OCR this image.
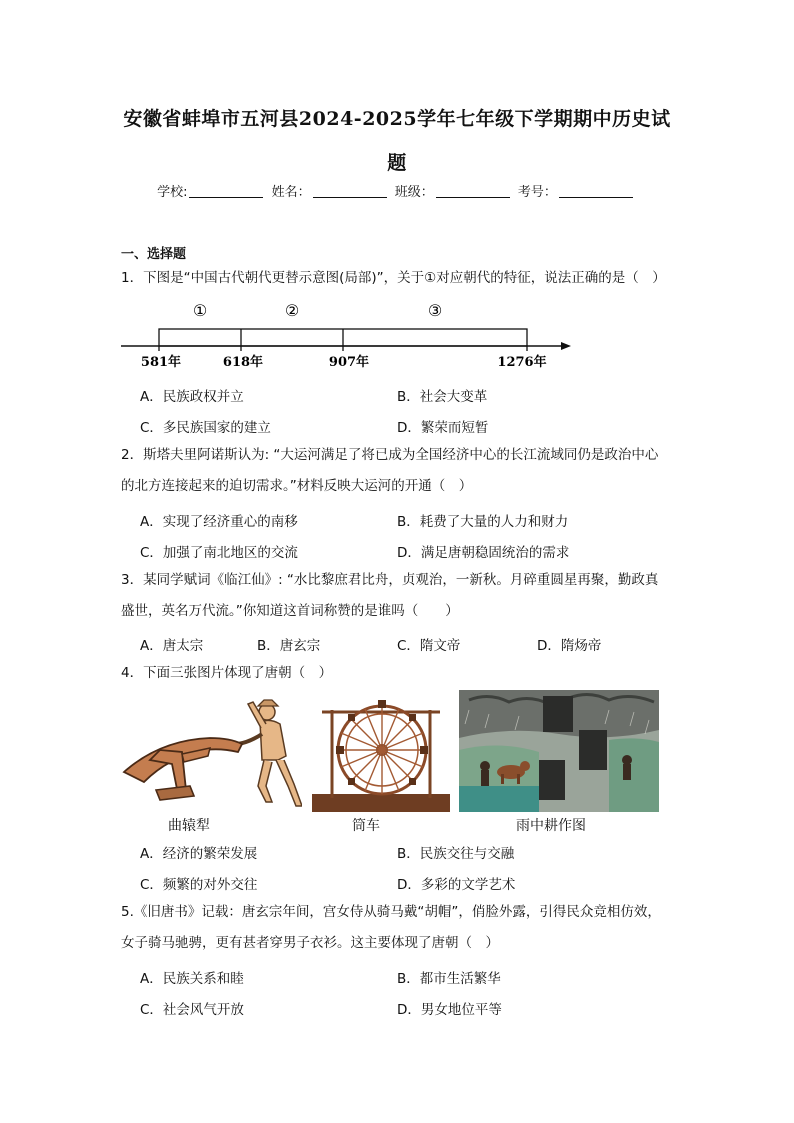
安徽省蚌埠市五河县2024-2025学年七年级下学期期中历史试
题
学校:	姓名：	班级：	考号：
一、选择题
1．下图是“中国古代朝代更替示意图(局部)”，关于①对应朝代的特征，说法正确的是（　）
①	②	③
581年	618年	907年	1276年
A．民族政权并立	B．社会大变革
C．多民族国家的建立	D．繁荣而短暂
2．斯塔夫里阿诺斯认为: “大运河满足了将已成为全国经济中心的长江流域同仍是政治中心
的北方连接起来的迫切需求。”材料反映大运河的开通（　）
A．实现了经济重心的南移	B．耗费了大量的人力和财力
C．加强了南北地区的交流	D．满足唐朝稳固统治的需求
3．某同学赋词《临江仙》: “水比黎庶君比舟，贞观治，一新秋。月碎重圆星再聚，勤政真
盛世，英名万代流。”你知道这首词称赞的是谁吗（　　）
A．唐太宗	B．唐玄宗	C．隋文帝	D．隋炀帝
4．下面三张图片体现了唐朝（　）
曲辕犁	筒车	雨中耕作图
A．经济的繁荣发展	B．民族交往与交融
C．频繁的对外交往	D．多彩的文学艺术
5.《旧唐书》记载：唐玄宗年间，宫女侍从骑马戴“胡帽”，俏脸外露，引得民众竞相仿效，
女子骑马驰骋，更有甚者穿男子衣衫。这主要体现了唐朝（　）
A．民族关系和睦	B．都市生活繁华
C．社会风气开放	D．男女地位平等
